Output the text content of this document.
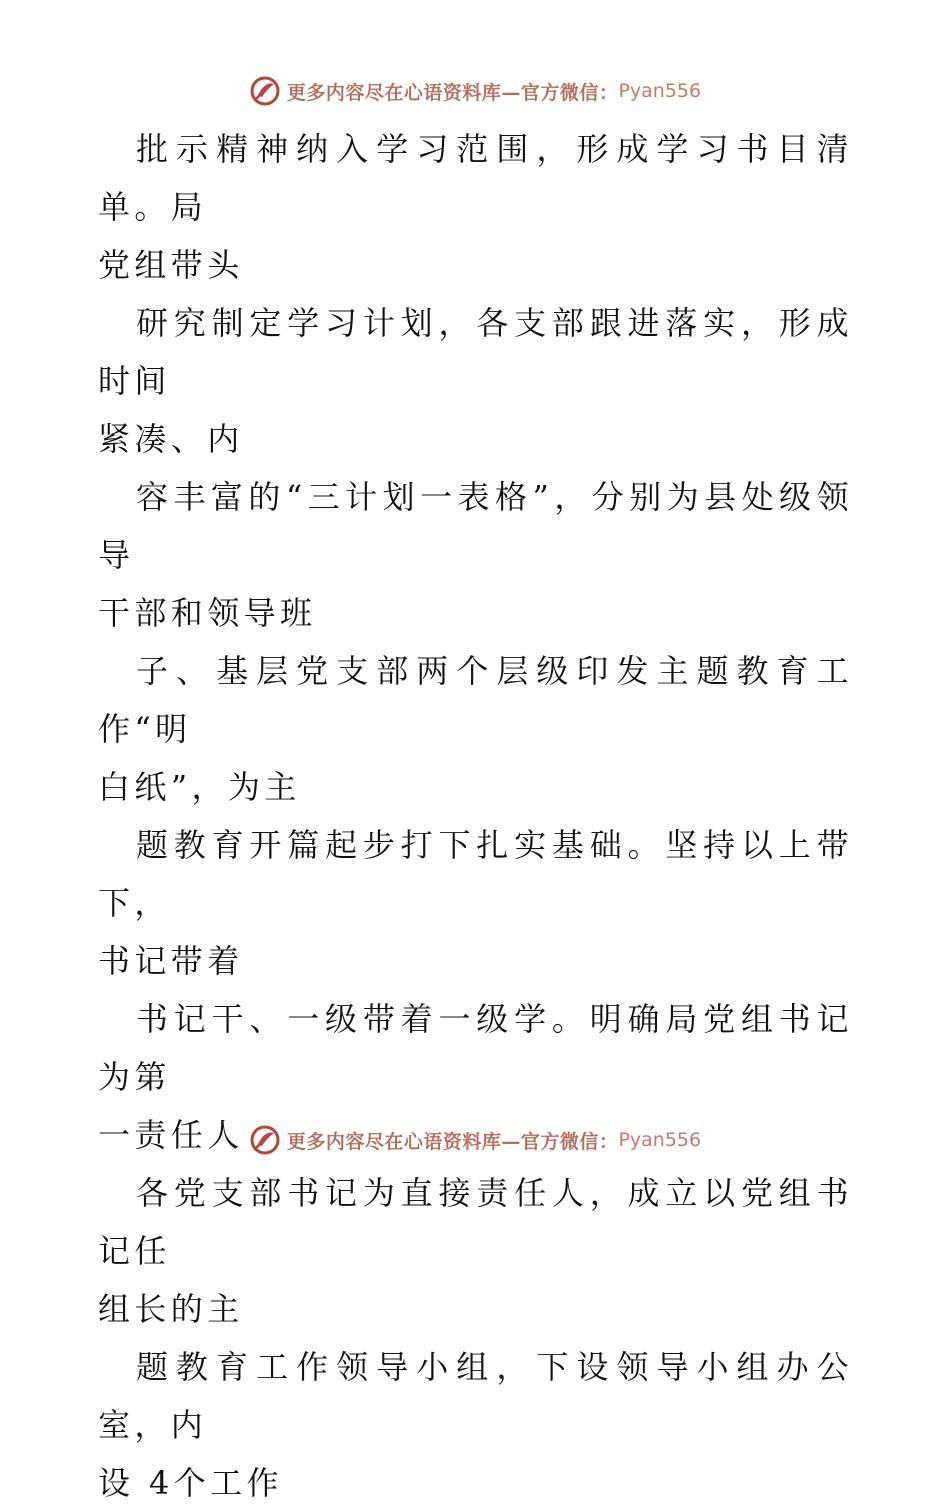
更多内容尽在心语资料库— 官方微信： Pyan556

批示精神纳入学习范围，形成学习书目清单。局
党组带头

研究制定学习计划，各支部跟进落实，形成时间
紧凑、内

容丰富的“三计划一表格”，分别为县处级领导
干部和领导班

子、基层党支部两个层级印发主题教育工作“明
白纸”，为主

题教育开篇起步打下扎实基础。坚持以上带下，
书记带着

书记干、一级带着一级学。明确局党组书记为第
一责任人

各党支部书记为直接责任人，成立以党组书记任
组长的主

题教育工作领导小组，下设领导小组办公室，内
设 4个工作

更多内容尽在心语资料库— 官方微信： Pyan556
